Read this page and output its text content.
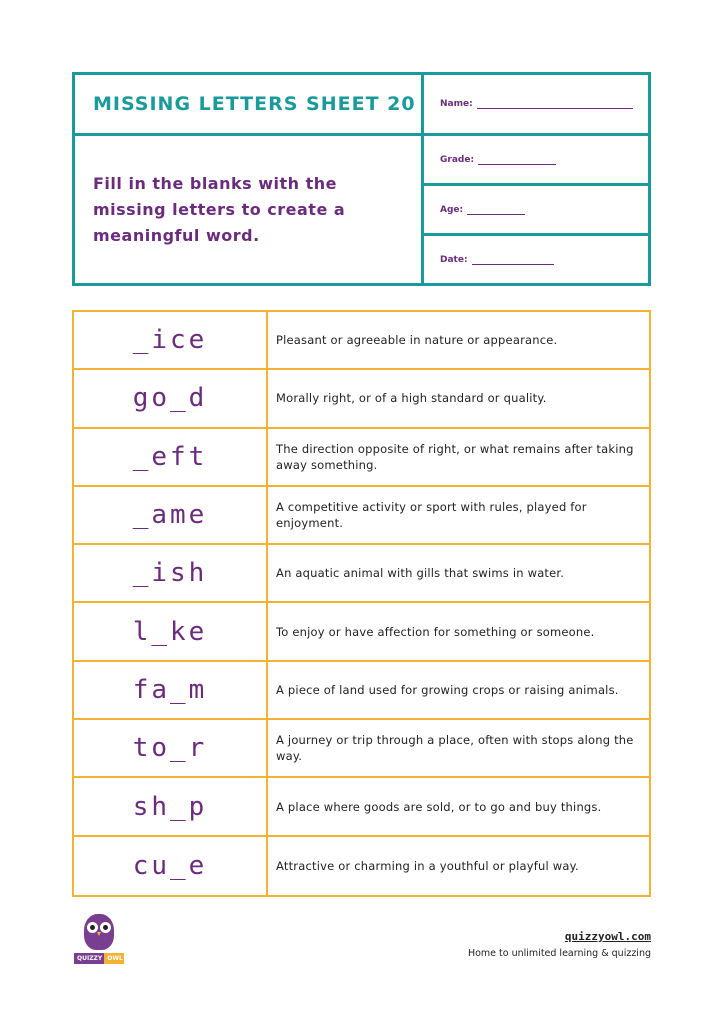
MISSING LETTERS SHEET 20	Name:
Fill in the blanks with the missing letters to create a meaningful word.
Grade:
Age:
Date:
_ice	Pleasant or agreeable in nature or appearance.
go_d	Morally right, or of a high standard or quality.
_eft	The direction opposite of right, or what remains after taking away something.
_ame	A competitive activity or sport with rules, played for enjoyment.
_ish	An aquatic animal with gills that swims in water.
l_ke	To enjoy or have affection for something or someone.
fa_m	A piece of land used for growing crops or raising animals.
to_r	A journey or trip through a place, often with stops along the way.
sh_p	A place where goods are sold, or to go and buy things.
cu_e	Attractive or charming in a youthful or playful way.
QUIZZY OWL
quizzyowl.com
Home to unlimited learning & quizzing
